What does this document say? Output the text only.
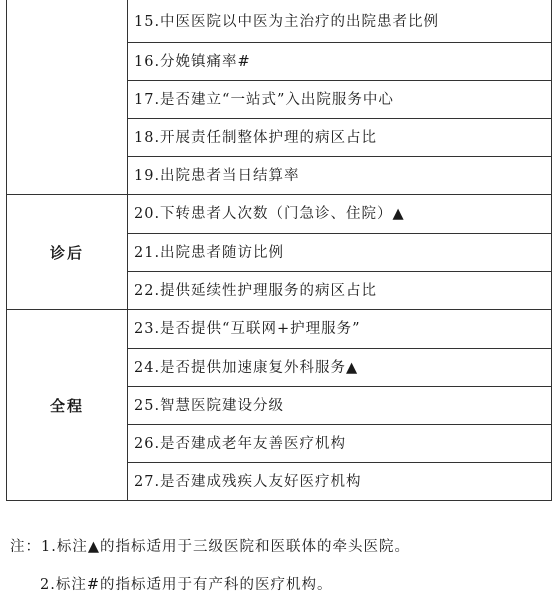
15.中医医院以中医为主治疗的出院患者比例
16.分娩镇痛率#
17.是否建立“一站式”入出院服务中心
18.开展责任制整体护理的病区占比
19.出院患者当日结算率
诊后
20.下转患者人次数（门急诊、住院）▲
21.出院患者随访比例
22.提供延续性护理服务的病区占比
全程
23.是否提供“互联网+护理服务”
24.是否提供加速康复外科服务▲
25.智慧医院建设分级
26.是否建成老年友善医疗机构
27.是否建成残疾人友好医疗机构
注：1.标注▲的指标适用于三级医院和医联体的牵头医院。
2.标注#的指标适用于有产科的医疗机构。
